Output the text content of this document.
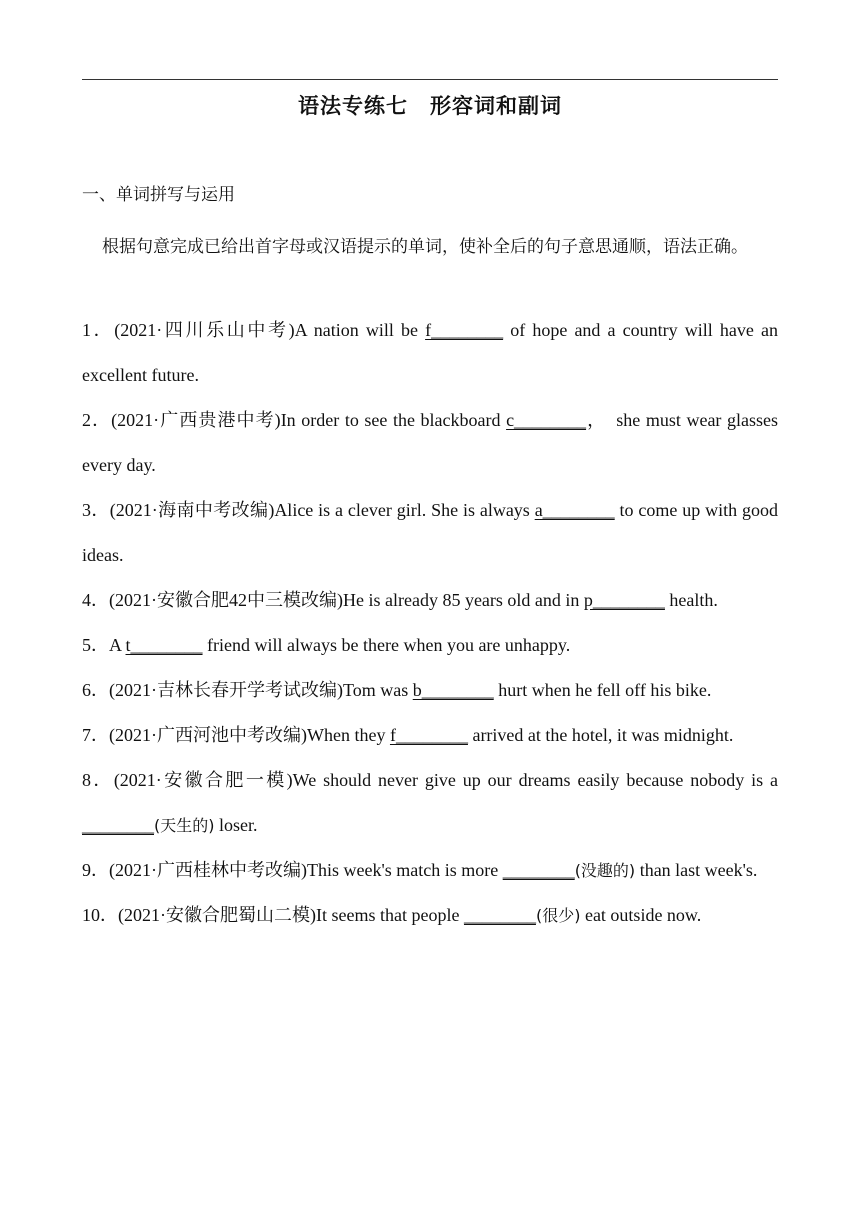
语法专练七　形容词和副词
一、单词拼写与运用
根据句意完成已给出首字母或汉语提示的单词，使补全后的句子意思通顺，语法正确。

1．(2021·四川乐山中考)A nation will be f________ of hope and a country will have an excellent future.

2．(2021·广西贵港中考)In order to see the blackboard c________，　she must wear glasses every day.

3．(2021·海南中考改编)Alice is a clever girl. She is always a________ to come up with good ideas.

4．(2021·安徽合肥42中三模改编)He is already 85 years old and in p________ health.

5．A t________ friend will always be there when you are unhappy.

6．(2021·吉林长春开学考试改编)Tom was b________ hurt when he fell off his bike.

7．(2021·广西河池中考改编)When they f________ arrived at the hotel, it was midnight.

8．(2021·安徽合肥一模)We should never give up our dreams easily because nobody is a ________(天生的) loser.

9．(2021·广西桂林中考改编)This week's match is more ________(没趣的) than last week's.

10．(2021·安徽合肥蜀山二模)It seems that people ________(很少) eat outside now.
